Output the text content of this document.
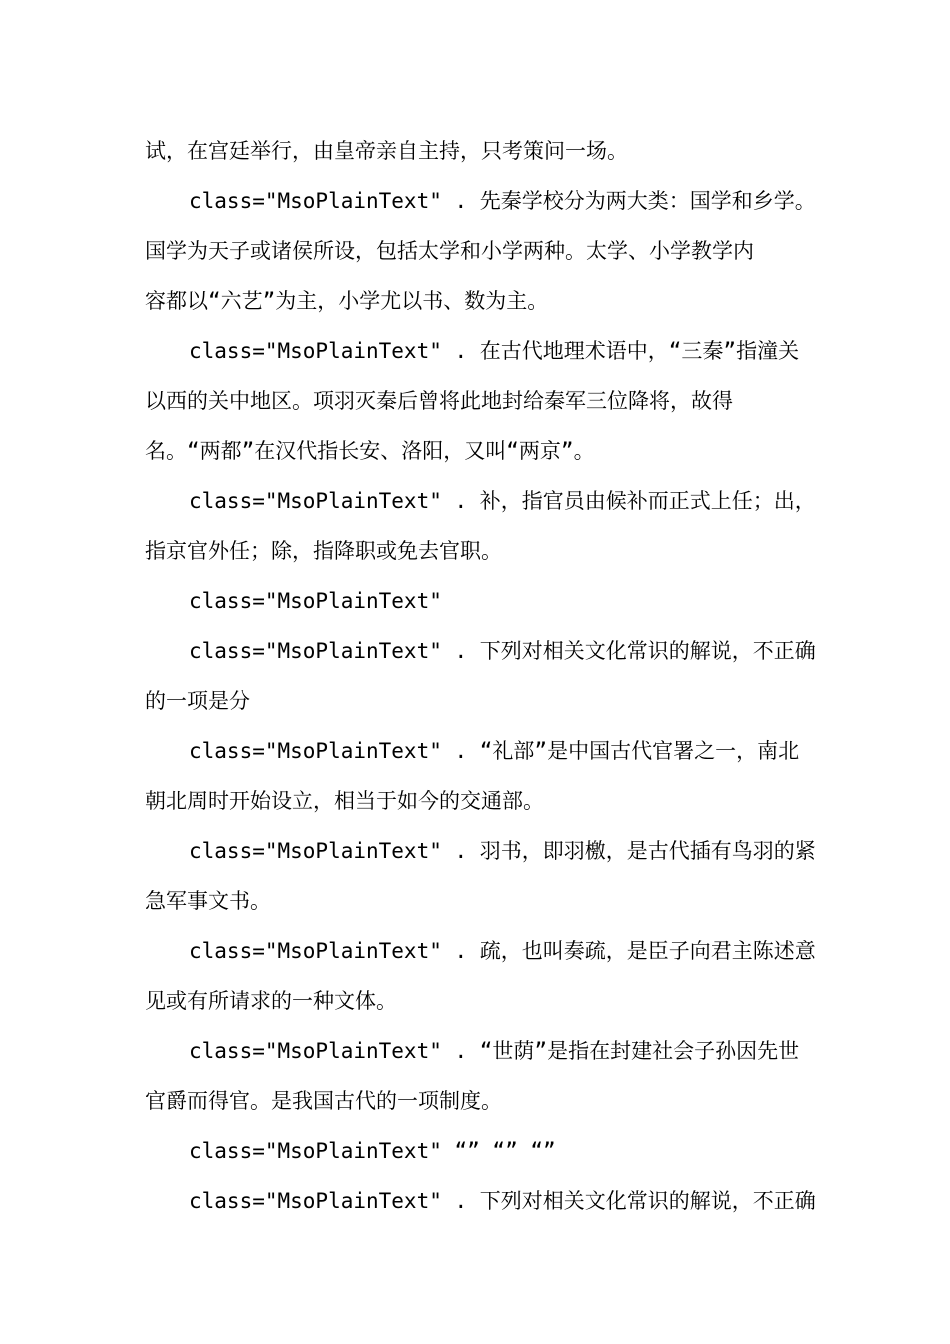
试，在宫廷举行，由皇帝亲自主持，只考策问一场。
class="MsoPlainText" . 先秦学校分为两大类：国学和乡学。
国学为天子或诸侯所设，包括太学和小学两种。太学、小学教学内
容都以“六艺”为主，小学尤以书、数为主。
class="MsoPlainText" . 在古代地理术语中，“三秦”指潼关
以西的关中地区。项羽灭秦后曾将此地封给秦军三位降将，故得
名。“两都”在汉代指长安、洛阳，又叫“两京”。
class="MsoPlainText" . 补，指官员由候补而正式上任；出，
指京官外任；除，指降职或免去官职。
class="MsoPlainText"
class="MsoPlainText" . 下列对相关文化常识的解说，不正确
的一项是分
class="MsoPlainText" . “礼部”是中国古代官署之一，南北
朝北周时开始设立，相当于如今的交通部。
class="MsoPlainText" . 羽书，即羽檄，是古代插有鸟羽的紧
急军事文书。
class="MsoPlainText" . 疏，也叫奏疏，是臣子向君主陈述意
见或有所请求的一种文体。
class="MsoPlainText" . “世荫”是指在封建社会子孙因先世
官爵而得官。是我国古代的一项制度。
class="MsoPlainText" “” “” “”
class="MsoPlainText" . 下列对相关文化常识的解说，不正确
